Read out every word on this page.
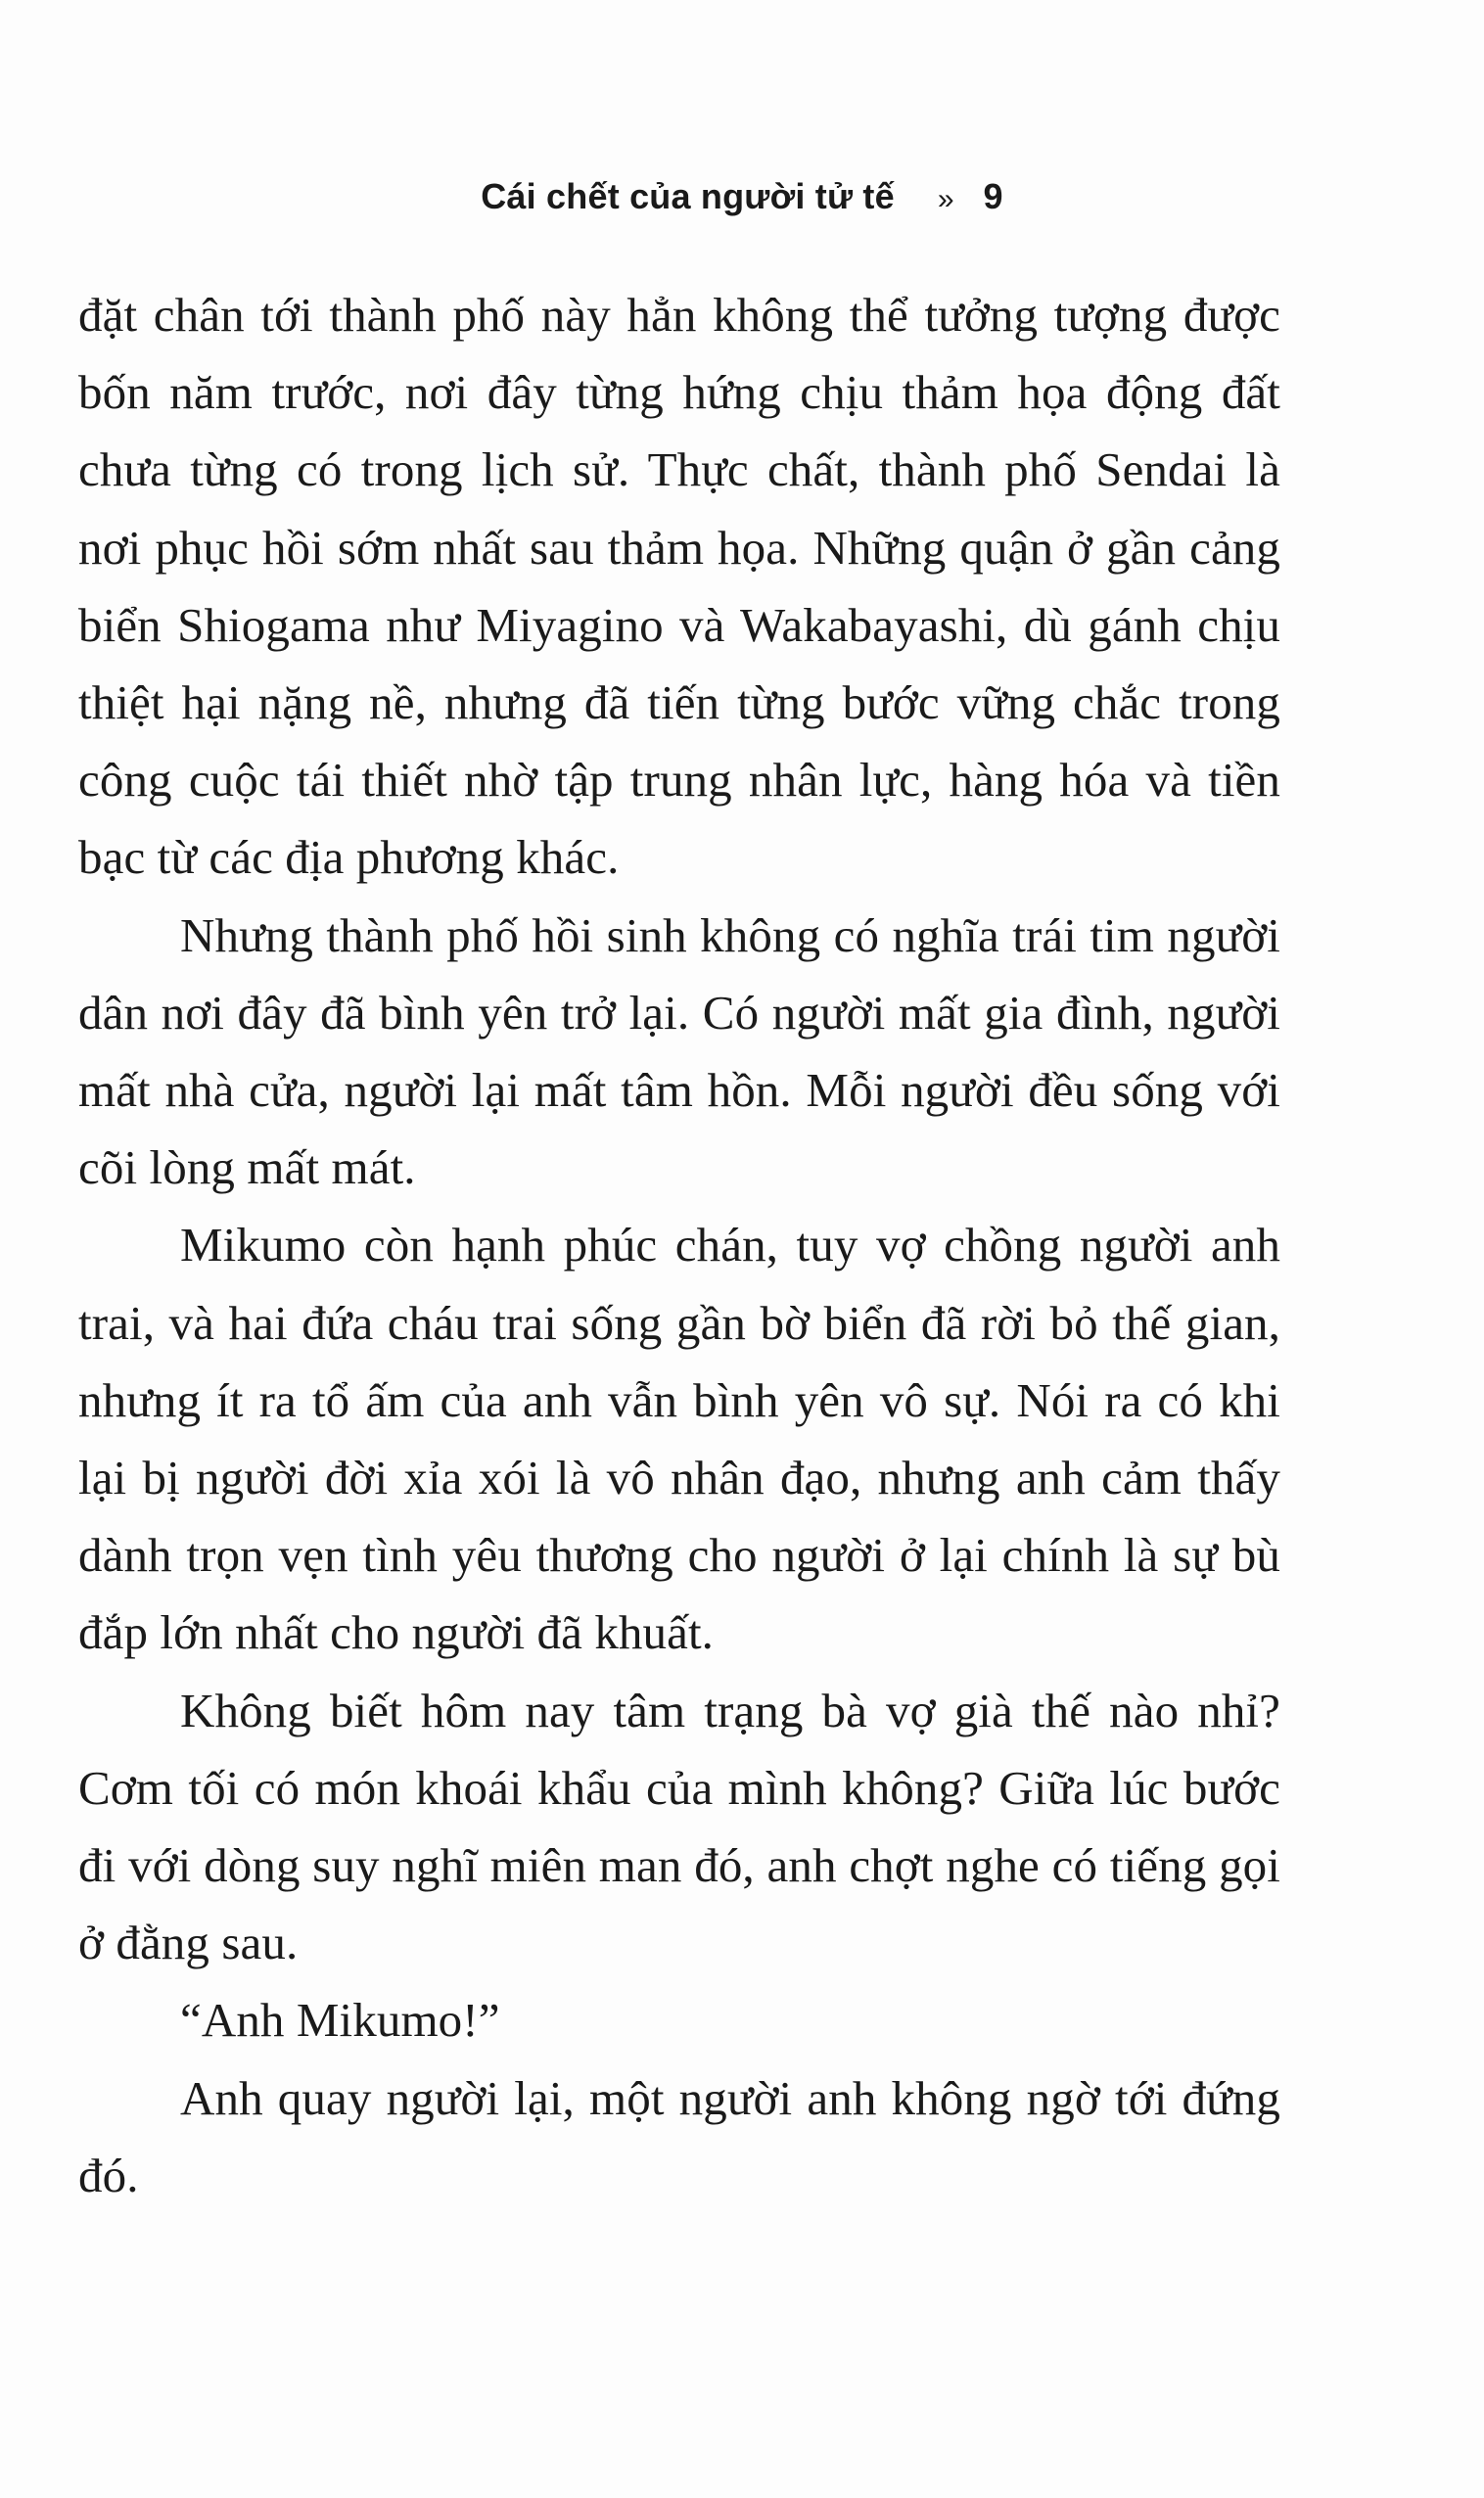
Cái chết của người tử tế » 9

đặt chân tới thành phố này hẳn không thể tưởng tượng được bốn năm trước, nơi đây từng hứng chịu thảm họa động đất chưa từng có trong lịch sử. Thực chất, thành phố Sendai là nơi phục hồi sớm nhất sau thảm họa. Những quận ở gần cảng biển Shiogama như Miyagino và Wakabayashi, dù gánh chịu thiệt hại nặng nề, nhưng đã tiến từng bước vững chắc trong công cuộc tái thiết nhờ tập trung nhân lực, hàng hóa và tiền bạc từ các địa phương khác.

Nhưng thành phố hồi sinh không có nghĩa trái tim người dân nơi đây đã bình yên trở lại. Có người mất gia đình, người mất nhà cửa, người lại mất tâm hồn. Mỗi người đều sống với cõi lòng mất mát.

Mikumo còn hạnh phúc chán, tuy vợ chồng người anh trai, và hai đứa cháu trai sống gần bờ biển đã rời bỏ thế gian, nhưng ít ra tổ ấm của anh vẫn bình yên vô sự. Nói ra có khi lại bị người đời xỉa xói là vô nhân đạo, nhưng anh cảm thấy dành trọn vẹn tình yêu thương cho người ở lại chính là sự bù đắp lớn nhất cho người đã khuất.

Không biết hôm nay tâm trạng bà vợ già thế nào nhỉ? Cơm tối có món khoái khẩu của mình không? Giữa lúc bước đi với dòng suy nghĩ miên man đó, anh chợt nghe có tiếng gọi ở đằng sau.

“Anh Mikumo!”

Anh quay người lại, một người anh không ngờ tới đứng đó.
